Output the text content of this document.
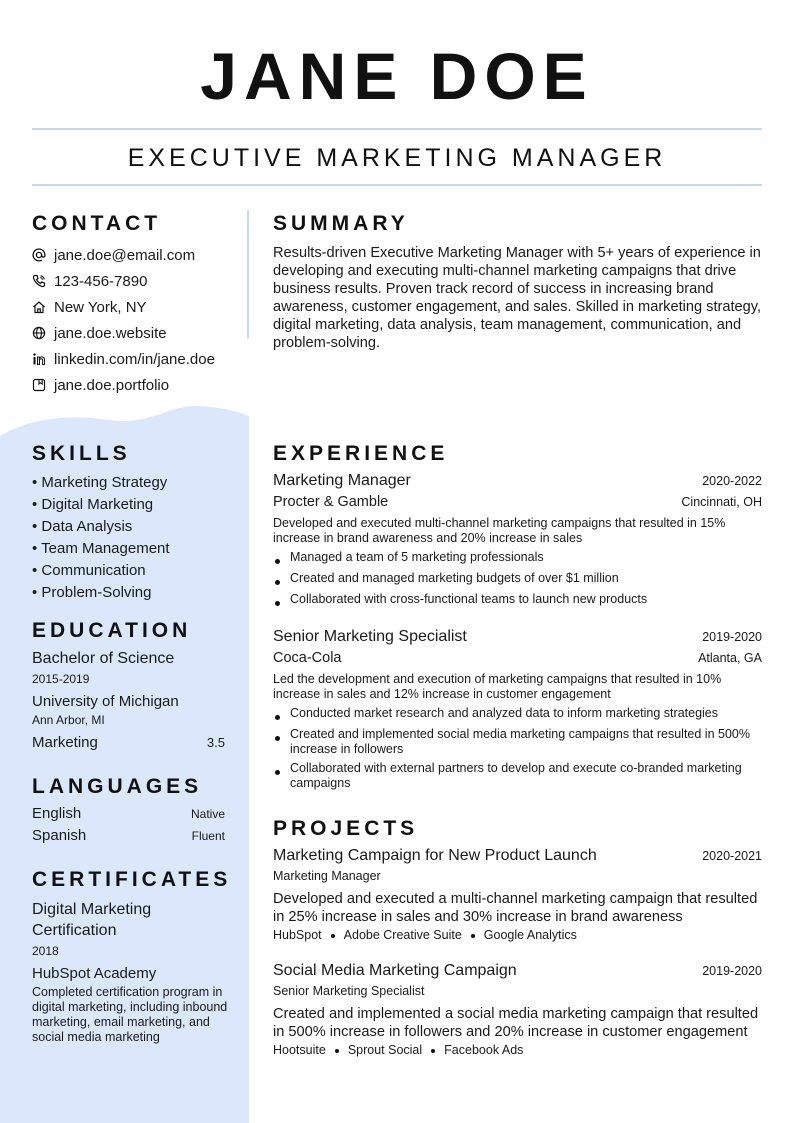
JANE DOE
EXECUTIVE MARKETING MANAGER
CONTACT
jane.doe@email.com
123-456-7890
New York, NY
jane.doe.website
linkedin.com/in/jane.doe
jane.doe.portfolio
SKILLS
• Marketing Strategy
• Digital Marketing
• Data Analysis
• Team Management
• Communication
• Problem-Solving
EDUCATION
Bachelor of Science
2015-2019
University of Michigan
Ann Arbor, MI
Marketing	3.5
LANGUAGES
English	Native
Spanish	Fluent
CERTIFICATES
Digital Marketing Certification
2018
HubSpot Academy
Completed certification program in digital marketing, including inbound marketing, email marketing, and social media marketing
SUMMARY
Results-driven Executive Marketing Manager with 5+ years of experience in developing and executing multi-channel marketing campaigns that drive business results. Proven track record of success in increasing brand awareness, customer engagement, and sales. Skilled in marketing strategy, digital marketing, data analysis, team management, communication, and problem-solving.
EXPERIENCE
Marketing Manager	2020-2022
Procter & Gamble	Cincinnati, OH
Developed and executed multi-channel marketing campaigns that resulted in 15% increase in brand awareness and 20% increase in sales
Managed a team of 5 marketing professionals
Created and managed marketing budgets of over $1 million
Collaborated with cross-functional teams to launch new products
Senior Marketing Specialist	2019-2020
Coca-Cola	Atlanta, GA
Led the development and execution of marketing campaigns that resulted in 10% increase in sales and 12% increase in customer engagement
Conducted market research and analyzed data to inform marketing strategies
Created and implemented social media marketing campaigns that resulted in 500% increase in followers
Collaborated with external partners to develop and execute co-branded marketing campaigns
PROJECTS
Marketing Campaign for New Product Launch	2020-2021
Marketing Manager
Developed and executed a multi-channel marketing campaign that resulted in 25% increase in sales and 30% increase in brand awareness
HubSpot Adobe Creative Suite Google Analytics
Social Media Marketing Campaign	2019-2020
Senior Marketing Specialist
Created and implemented a social media marketing campaign that resulted in 500% increase in followers and 20% increase in customer engagement
Hootsuite Sprout Social Facebook Ads
